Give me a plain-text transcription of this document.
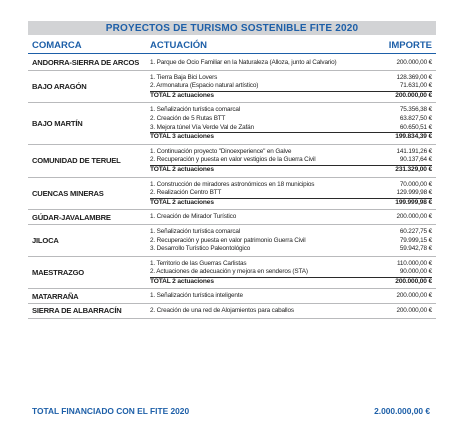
PROYECTOS DE TURISMO SOSTENIBLE FITE 2020
COMARCA	ACTUACIÓN	IMPORTE
ANDORRA-SIERRA DE ARCOS 1. Parque de Ocio Familiar en la Naturaleza (Alloza, junto al Calvario)	200.000,00 €
BAJO ARAGÓN
1. Tierra Baja Bici Lovers	128.369,00 €
2. Armonatura (Espacio natural artístico)	71.631,00 €
TOTAL 2 actuaciones	200.000,00 €
BAJO MARTÍN
1. Señalización turística comarcal	75.356,38 €
2. Creación de 5 Rutas BTT	63.827,50 €
3. Mejora túnel Vía Verde Val de Zafán	60.650,51 €
TOTAL 3 actuaciones	199.834,39 €
COMUNIDAD DE TERUEL
1. Continuación proyecto "Dinoexperience" en Galve	141.191,26 €
2. Recuperación y puesta en valor vestigios de la Guerra Civil	90.137,64 €
TOTAL 2 actuaciones	231.329,00 €
CUENCAS MINERAS
1. Construcción de miradores astronómicos en 18 municipios	70.000,00 €
2. Realización Centro BTT	129.999,98 €
TOTAL 2 actuaciones	199.999,98 €
GÚDAR-JAVALAMBRE	1. Creación de Mirador Turístico	200.000,00 €
JILOCA
1. Señalización turística comarcal	60.227,75 €
2. Recuperación y puesta en valor patrimonio Guerra Civil	79.999,15 €
3. Desarrollo Turístico Paleontológico	59.942,78 €
MAESTRAZGO
1. Territorio de las Guerras Carlistas	110.000,00 €
2. Actuaciones de adecuación y mejora en senderos (STA)	90.000,00 €
TOTAL 2 actuaciones	200.000,00 €
MATARRAÑA	1. Señalización turística inteligente	200.000,00 €
SIERRA DE ALBARRACÍN	2. Creación de una red de Alojamientos para caballos	200.000,00 €
TOTAL FINANCIADO CON EL FITE 2020	2.000.000,00 €
